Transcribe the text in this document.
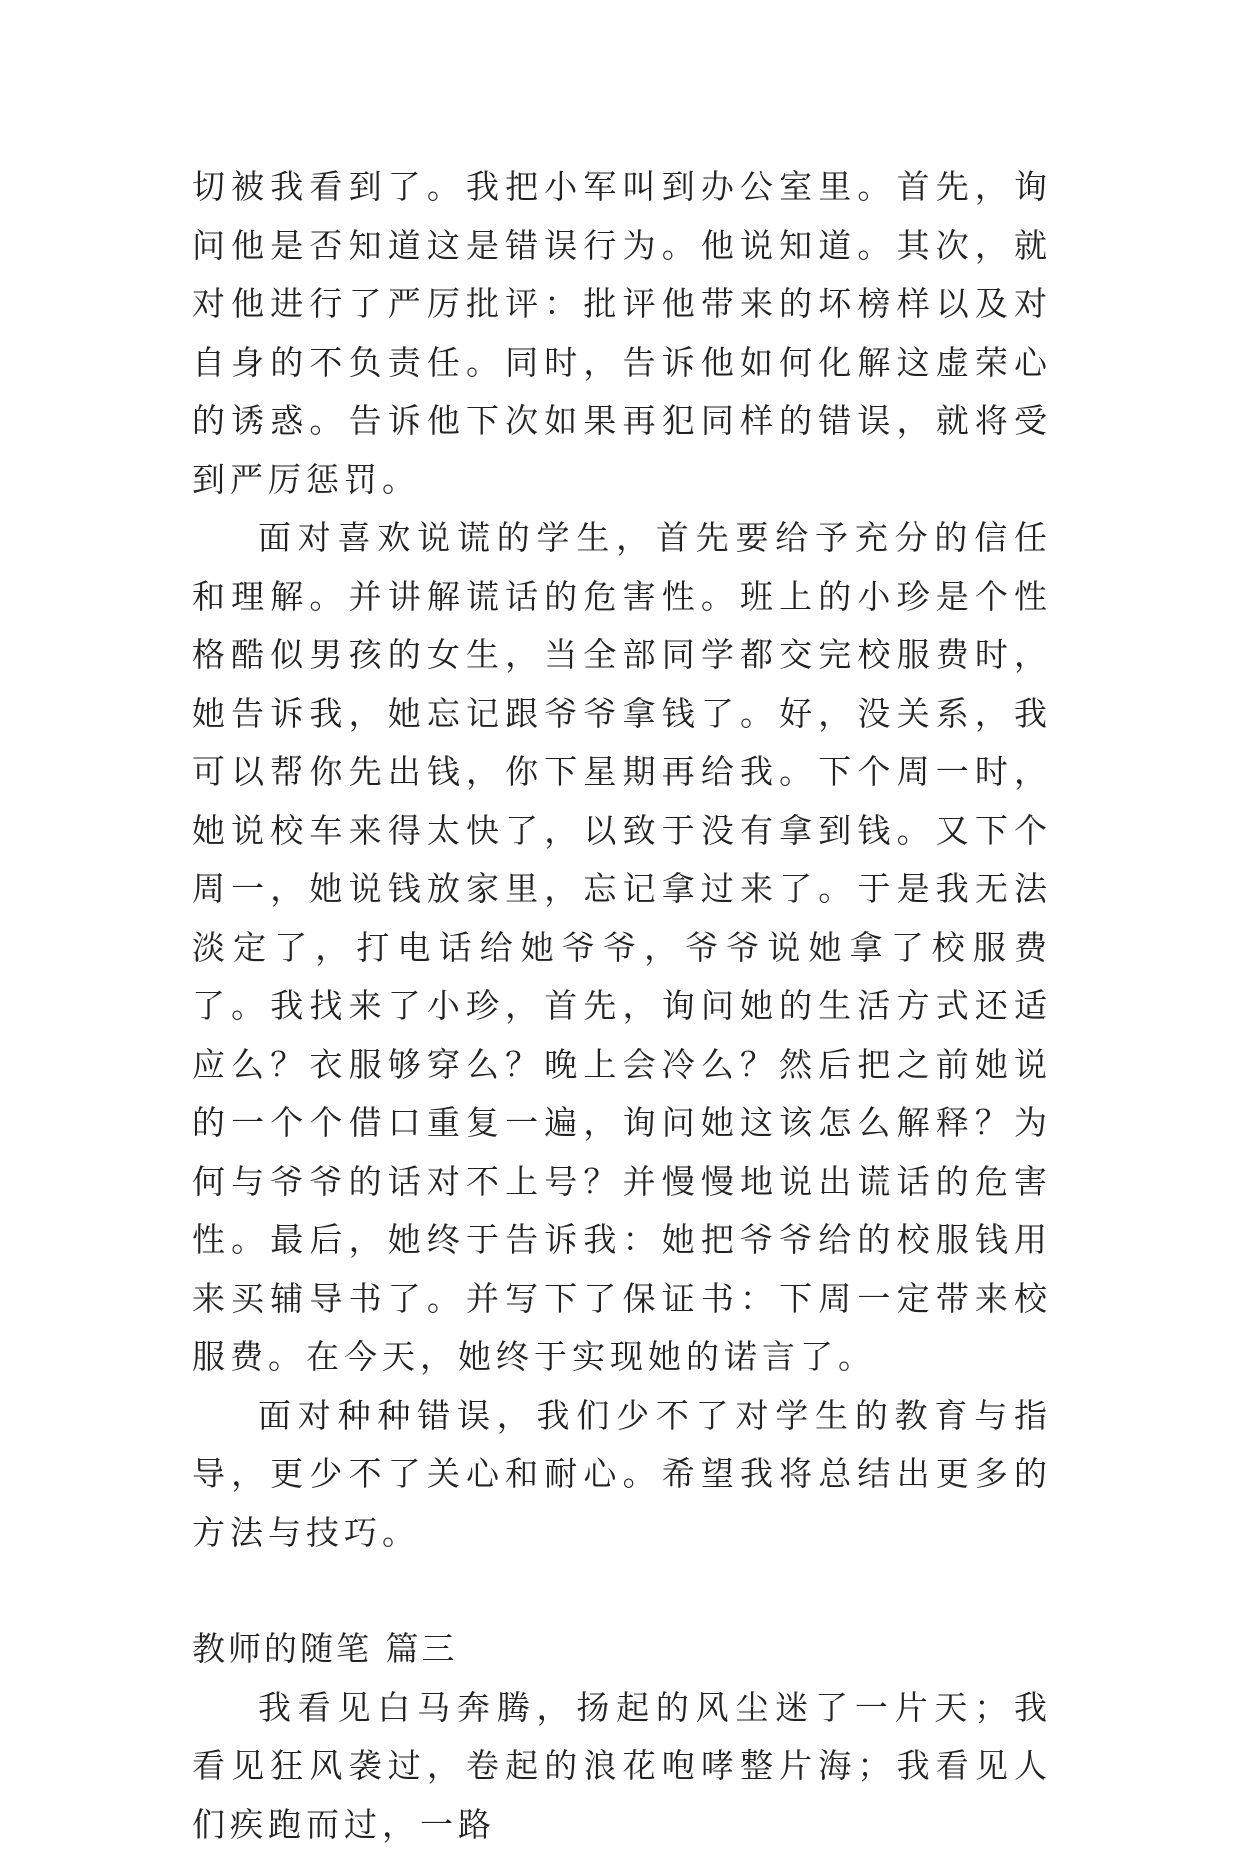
切被我看到了。我把小军叫到办公室里。首先，询问他是否知道这是错误行为。他说知道。其次，就对他进行了严厉批评：批评他带来的坏榜样以及对自身的不负责任。同时，告诉他如何化解这虚荣心的诱惑。告诉他下次如果再犯同样的错误，就将受到严厉惩罚。

面对喜欢说谎的学生，首先要给予充分的信任和理解。并讲解谎话的危害性。班上的小珍是个性格酷似男孩的女生，当全部同学都交完校服费时，她告诉我，她忘记跟爷爷拿钱了。好，没关系，我可以帮你先出钱，你下星期再给我。下个周一时，她说校车来得太快了，以致于没有拿到钱。又下个周一，她说钱放家里，忘记拿过来了。于是我无法淡定了，打电话给她爷爷，爷爷说她拿了校服费了。我找来了小珍，首先，询问她的生活方式还适应么？衣服够穿么？晚上会冷么？然后把之前她说的一个个借口重复一遍，询问她这该怎么解释？为何与爷爷的话对不上号？并慢慢地说出谎话的危害性。最后，她终于告诉我：她把爷爷给的校服钱用来买辅导书了。并写下了保证书：下周一定带来校服费。在今天，她终于实现她的诺言了。

面对种种错误，我们少不了对学生的教育与指导，更少不了关心和耐心。希望我将总结出更多的方法与技巧。

教师的随笔 篇三

我看见白马奔腾，扬起的风尘迷了一片天；我看见狂风袭过，卷起的浪花咆哮整片海；我看见人们疾跑而过，一路
